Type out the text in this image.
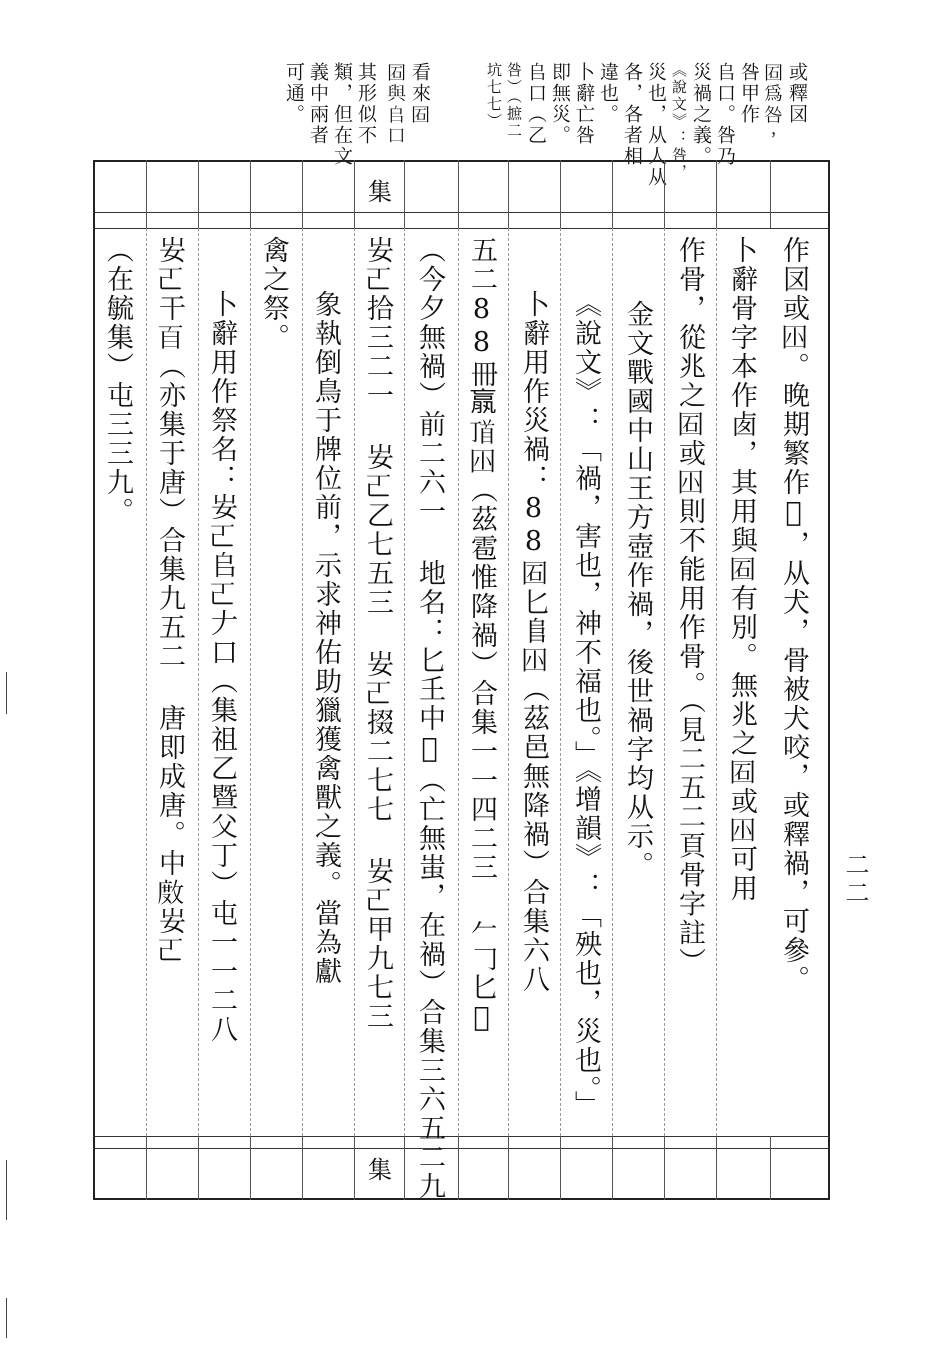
或釋㘝
𡇈為咎，
咎甲作
𠂤口。咎乃
災禍之義。
《說文》：咎，
災也，从人从
各，各者相
違也。
卜辭亡咎
即無災。
𠂤口（乙
咎）（摭二
坑七七）
看來𡇈
𡇈與𠂤口
其形似不
類，但在文
義中兩者
可通。
集
集
作㘝或𡆧。晚期繁作𣀗，从犬，骨被犬咬，或釋禍，可參。
卜辭骨字本作𠧧，其用與𡇈有別。無兆之𡇈或𡆧可用
作骨，從兆之𡇈或𡆧則不能用作骨。（見二五二頁骨字註）
金文戰國中山王方壺作禍，後世禍字均从示。
《說文》：「禍，害也，神不福也。」《增韻》：「殃也，災也。」
卜辭用作災禍：88𡇈匕𨸏𡆧（茲邑無降禍）合集六八
五二88冊𣎆𩠑𡆧（茲雹惟降禍）合集一一四二三 𠂉𠃌匕𣀗
（今夕無禍）前二六一 地名：匕𡈼中𣀗（亡無蚩，在禍）合集三六五二九
𡚴𠀀拾三二一 𡚴𠀀乙七五三 𡚴𠀀掇二七七 𡚴𠀀甲九七三
象執倒鳥于牌位前，示求神佑助獵獲禽獸之義。當為獻
禽之祭。
卜辭用作祭名：𡚴𠀀𠂤𠀀𠂇口（集祖乙暨父丁）屯一一二八
𡚴𠀀干𦣻（亦集于唐）合集九五二 唐即成唐。中𢾅𡚴𠀀
（在毓集）屯三三九。
二二
